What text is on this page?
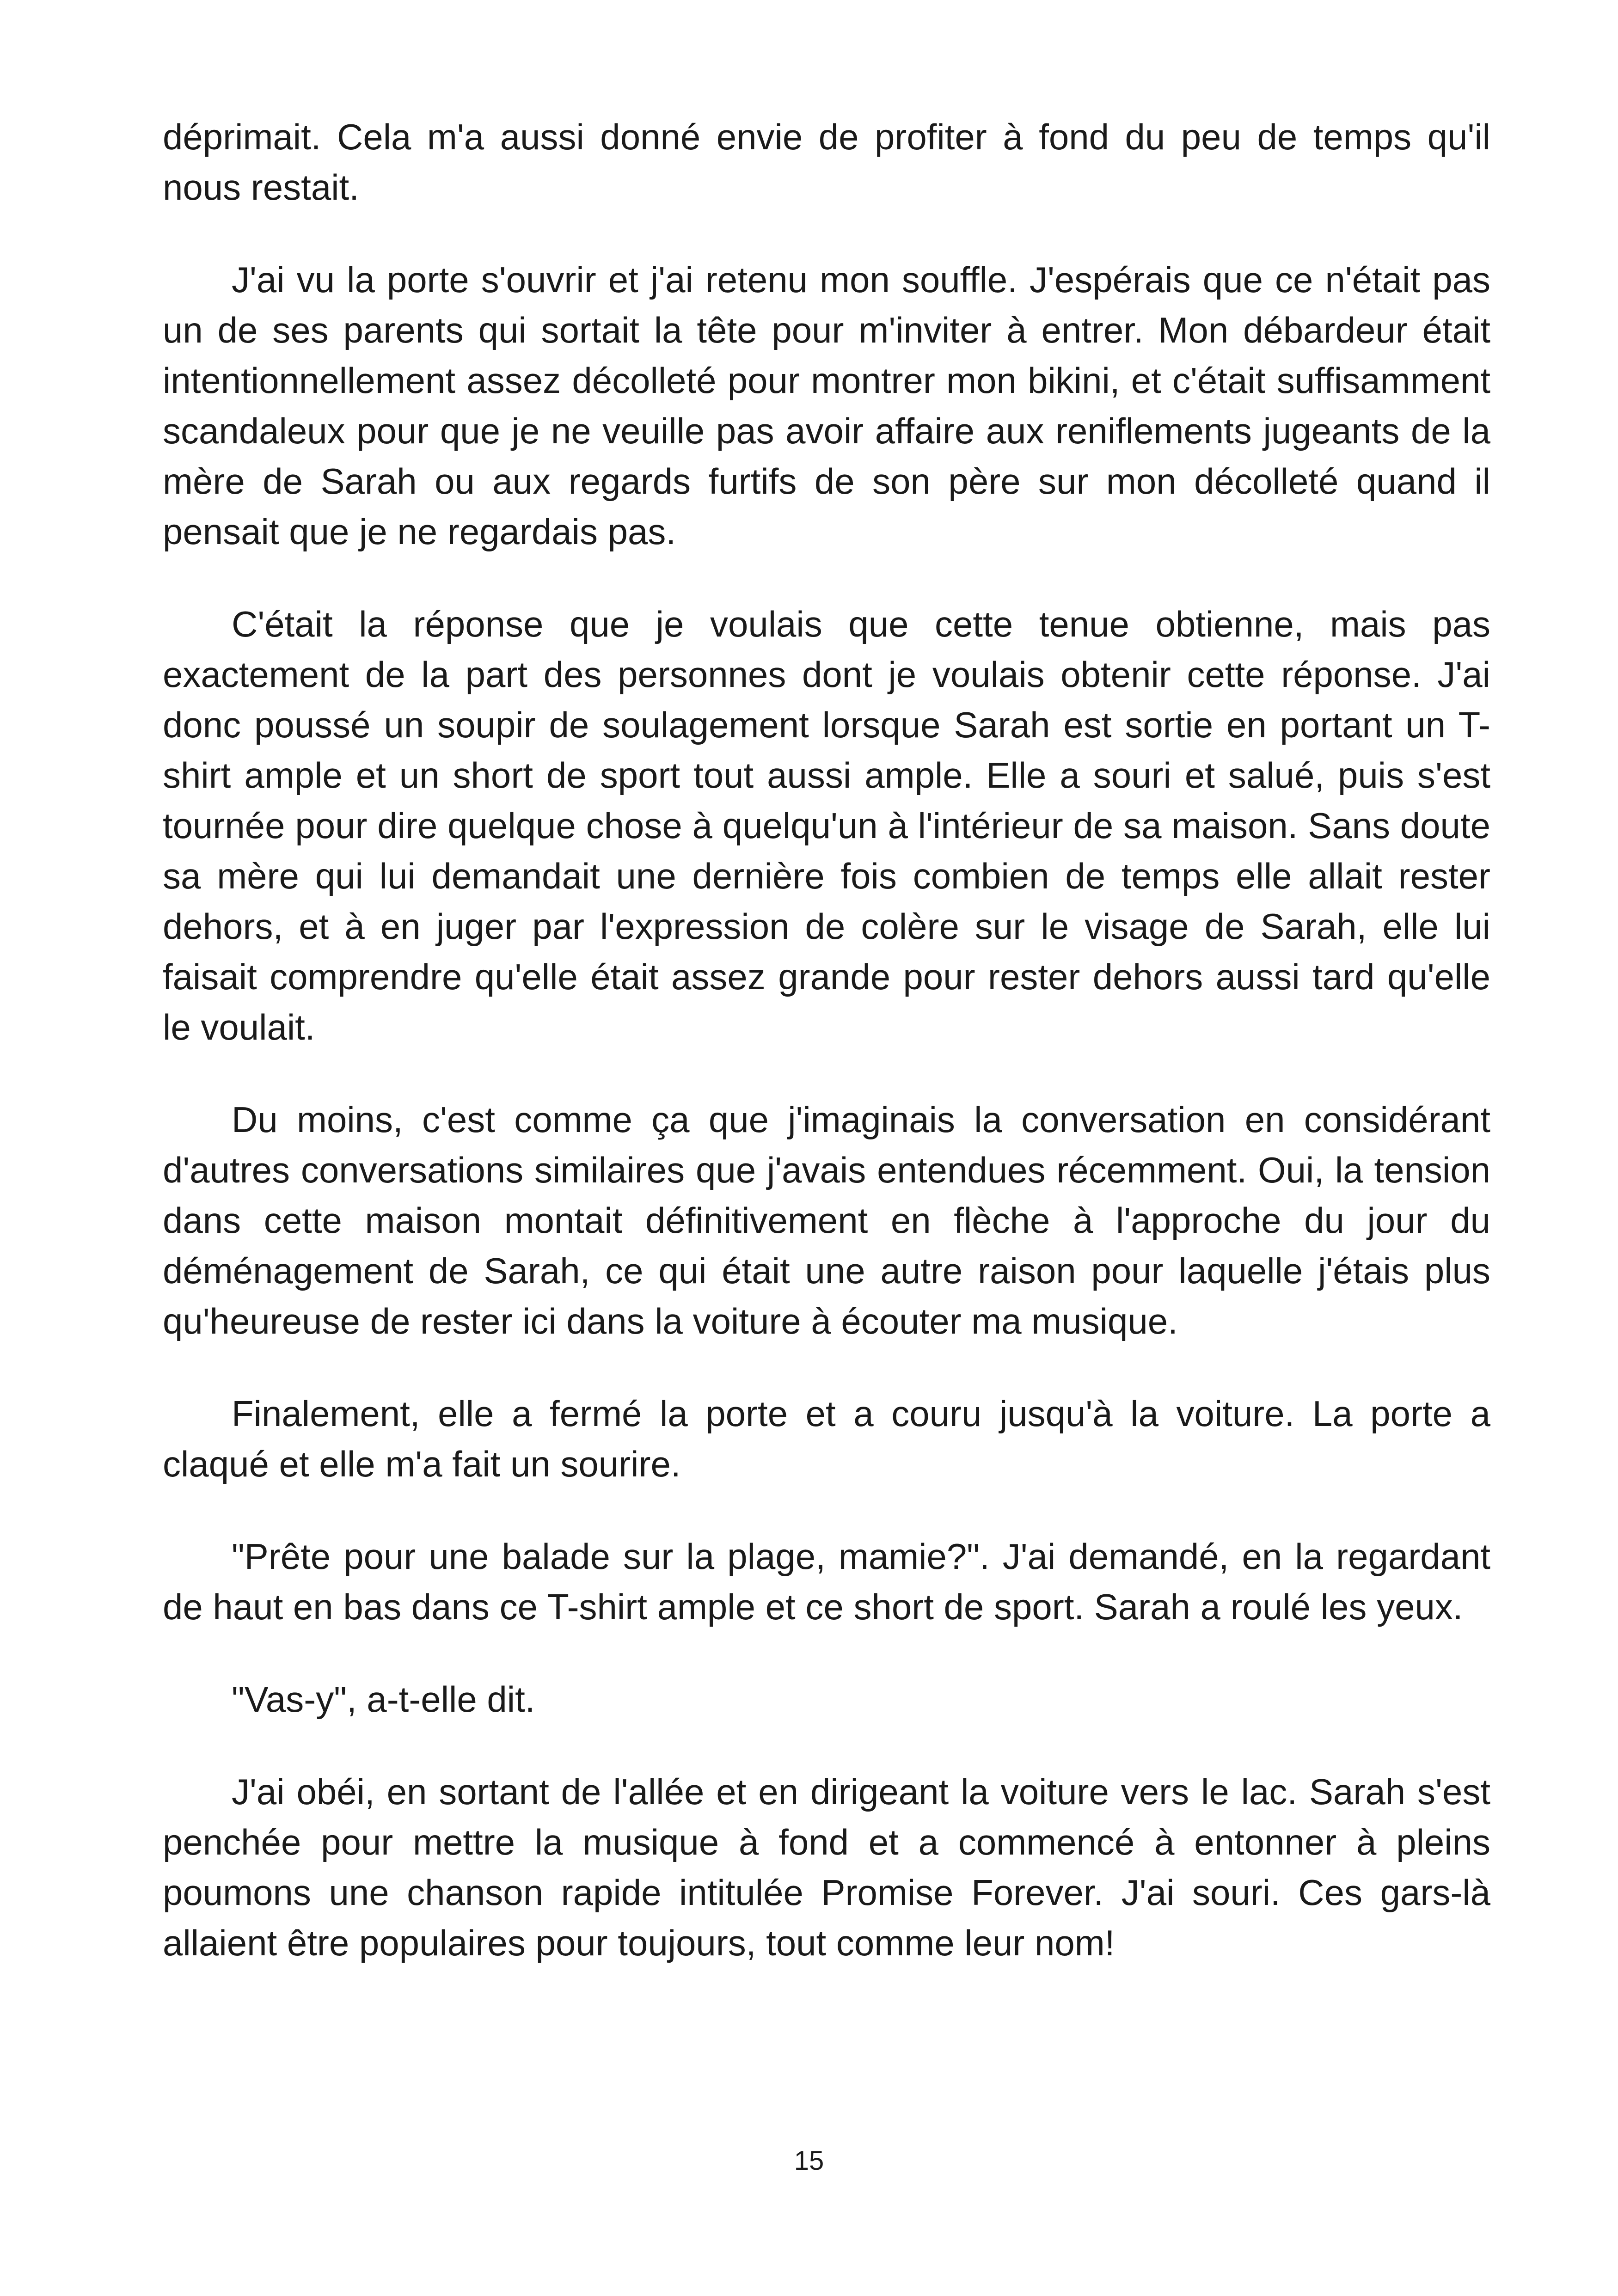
déprimait. Cela m'a aussi donné envie de profiter à fond du peu de temps qu'il nous restait.

J'ai vu la porte s'ouvrir et j'ai retenu mon souffle. J'espérais que ce n'était pas un de ses parents qui sortait la tête pour m'inviter à entrer. Mon débardeur était intentionnellement assez décolleté pour montrer mon bikini, et c'était suffisamment scandaleux pour que je ne veuille pas avoir affaire aux reniflements jugeants de la mère de Sarah ou aux regards furtifs de son père sur mon décolleté quand il pensait que je ne regardais pas.

C'était la réponse que je voulais que cette tenue obtienne, mais pas exactement de la part des personnes dont je voulais obtenir cette réponse. J'ai donc poussé un soupir de soulagement lorsque Sarah est sortie en portant un T-shirt ample et un short de sport tout aussi ample. Elle a souri et salué, puis s'est tournée pour dire quelque chose à quelqu'un à l'intérieur de sa maison. Sans doute sa mère qui lui demandait une dernière fois combien de temps elle allait rester dehors, et à en juger par l'expression de colère sur le visage de Sarah, elle lui faisait comprendre qu'elle était assez grande pour rester dehors aussi tard qu'elle le voulait.

Du moins, c'est comme ça que j'imaginais la conversation en considérant d'autres conversations similaires que j'avais entendues récemment. Oui, la tension dans cette maison montait définitivement en flèche à l'approche du jour du déménagement de Sarah, ce qui était une autre raison pour laquelle j'étais plus qu'heureuse de rester ici dans la voiture à écouter ma musique.

Finalement, elle a fermé la porte et a couru jusqu'à la voiture. La porte a claqué et elle m'a fait un sourire.

"Prête pour une balade sur la plage, mamie?". J'ai demandé, en la regardant de haut en bas dans ce T-shirt ample et ce short de sport. Sarah a roulé les yeux.

"Vas-y", a-t-elle dit.

J'ai obéi, en sortant de l'allée et en dirigeant la voiture vers le lac. Sarah s'est penchée pour mettre la musique à fond et a commencé à entonner à pleins poumons une chanson rapide intitulée Promise Forever. J'ai souri. Ces gars-là allaient être populaires pour toujours, tout comme leur nom!

15
